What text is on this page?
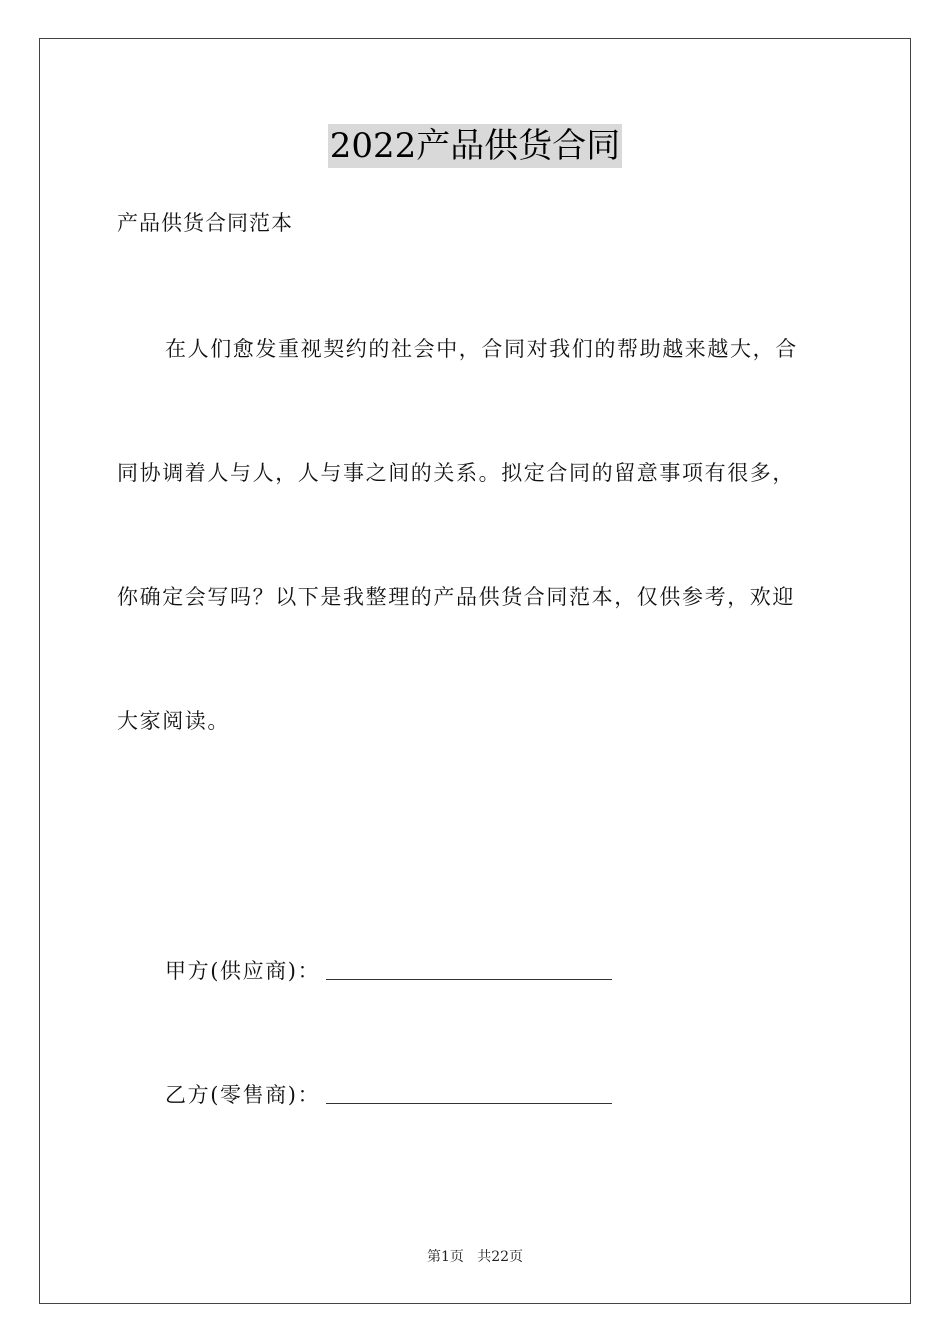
2022产品供货合同
产品供货合同范本
在人们愈发重视契约的社会中，合同对我们的帮助越来越大，合
同协调着人与人，人与事之间的关系。拟定合同的留意事项有很多，
你确定会写吗？以下是我整理的产品供货合同范本，仅供参考，欢迎
大家阅读。
甲方(供应商)：
乙方(零售商)：
第1页   共22页
